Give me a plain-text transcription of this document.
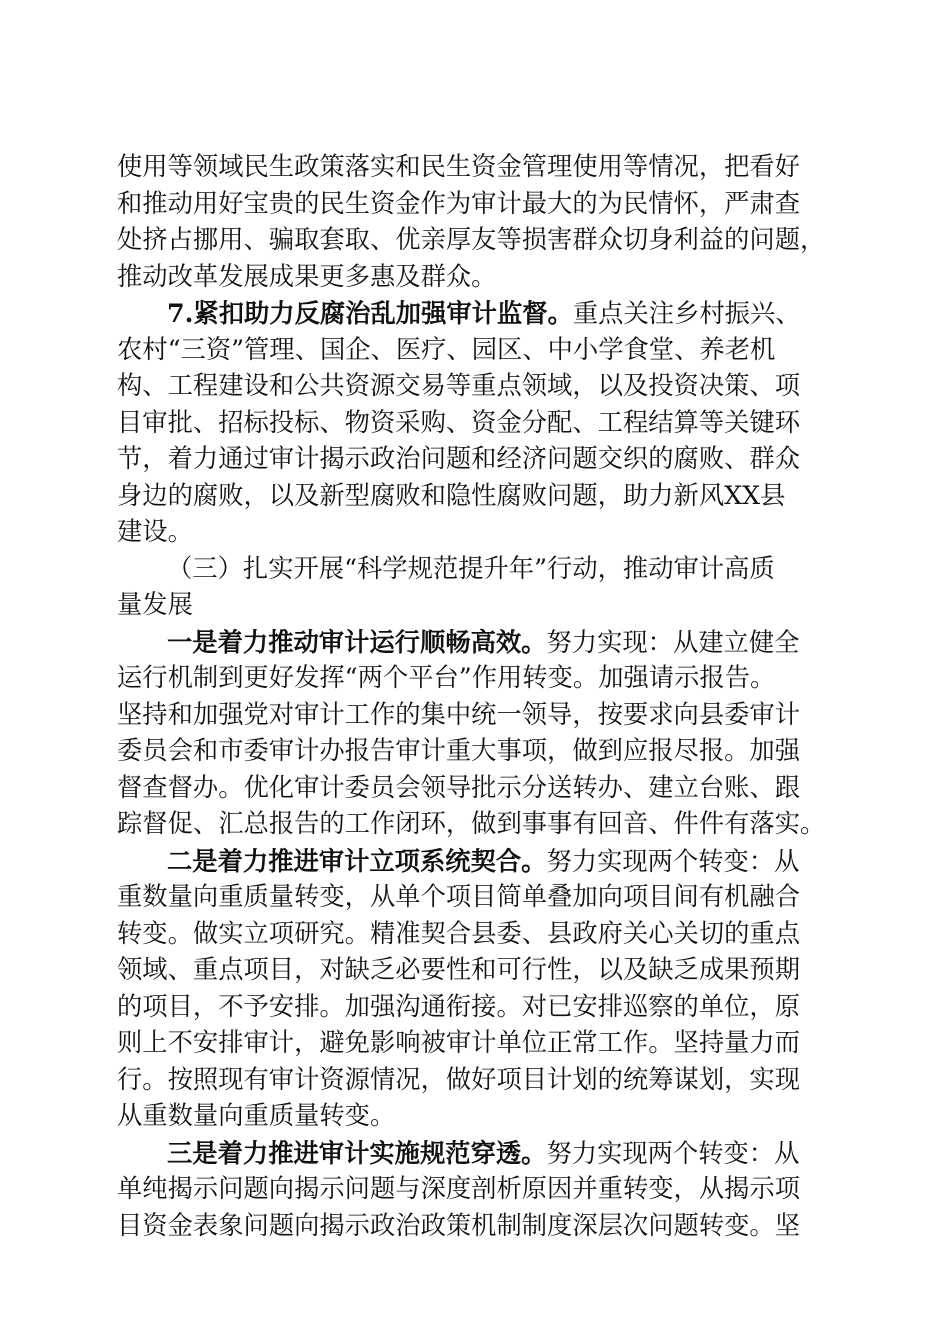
使用等领域民生政策落实和民生资金管理使用等情况，把看好
和推动用好宝贵的民生资金作为审计最大的为民情怀，严肃查
处挤占挪用、骗取套取、优亲厚友等损害群众切身利益的问题，
推动改革发展成果更多惠及群众。
7.紧扣助力反腐治乱加强审计监督。重点关注乡村振兴、
农村“三资”管理、国企、医疗、园区、中小学食堂、养老机
构、工程建设和公共资源交易等重点领域，以及投资决策、项
目审批、招标投标、物资采购、资金分配、工程结算等关键环
节，着力通过审计揭示政治问题和经济问题交织的腐败、群众
身边的腐败，以及新型腐败和隐性腐败问题，助力新风XX县
建设。
（三）扎实开展“科学规范提升年”行动，推动审计高质
量发展
一是着力推动审计运行顺畅高效。努力实现：从建立健全
运行机制到更好发挥“两个平台”作用转变。加强请示报告。
坚持和加强党对审计工作的集中统一领导，按要求向县委审计
委员会和市委审计办报告审计重大事项，做到应报尽报。加强
督查督办。优化审计委员会领导批示分送转办、建立台账、跟
踪督促、汇总报告的工作闭环，做到事事有回音、件件有落实。
二是着力推进审计立项系统契合。努力实现两个转变：从
重数量向重质量转变，从单个项目简单叠加向项目间有机融合
转变。做实立项研究。精准契合县委、县政府关心关切的重点
领域、重点项目，对缺乏必要性和可行性，以及缺乏成果预期
的项目，不予安排。加强沟通衔接。对已安排巡察的单位，原
则上不安排审计，避免影响被审计单位正常工作。坚持量力而
行。按照现有审计资源情况，做好项目计划的统筹谋划，实现
从重数量向重质量转变。
三是着力推进审计实施规范穿透。努力实现两个转变：从
单纯揭示问题向揭示问题与深度剖析原因并重转变，从揭示项
目资金表象问题向揭示政治政策机制制度深层次问题转变。坚
